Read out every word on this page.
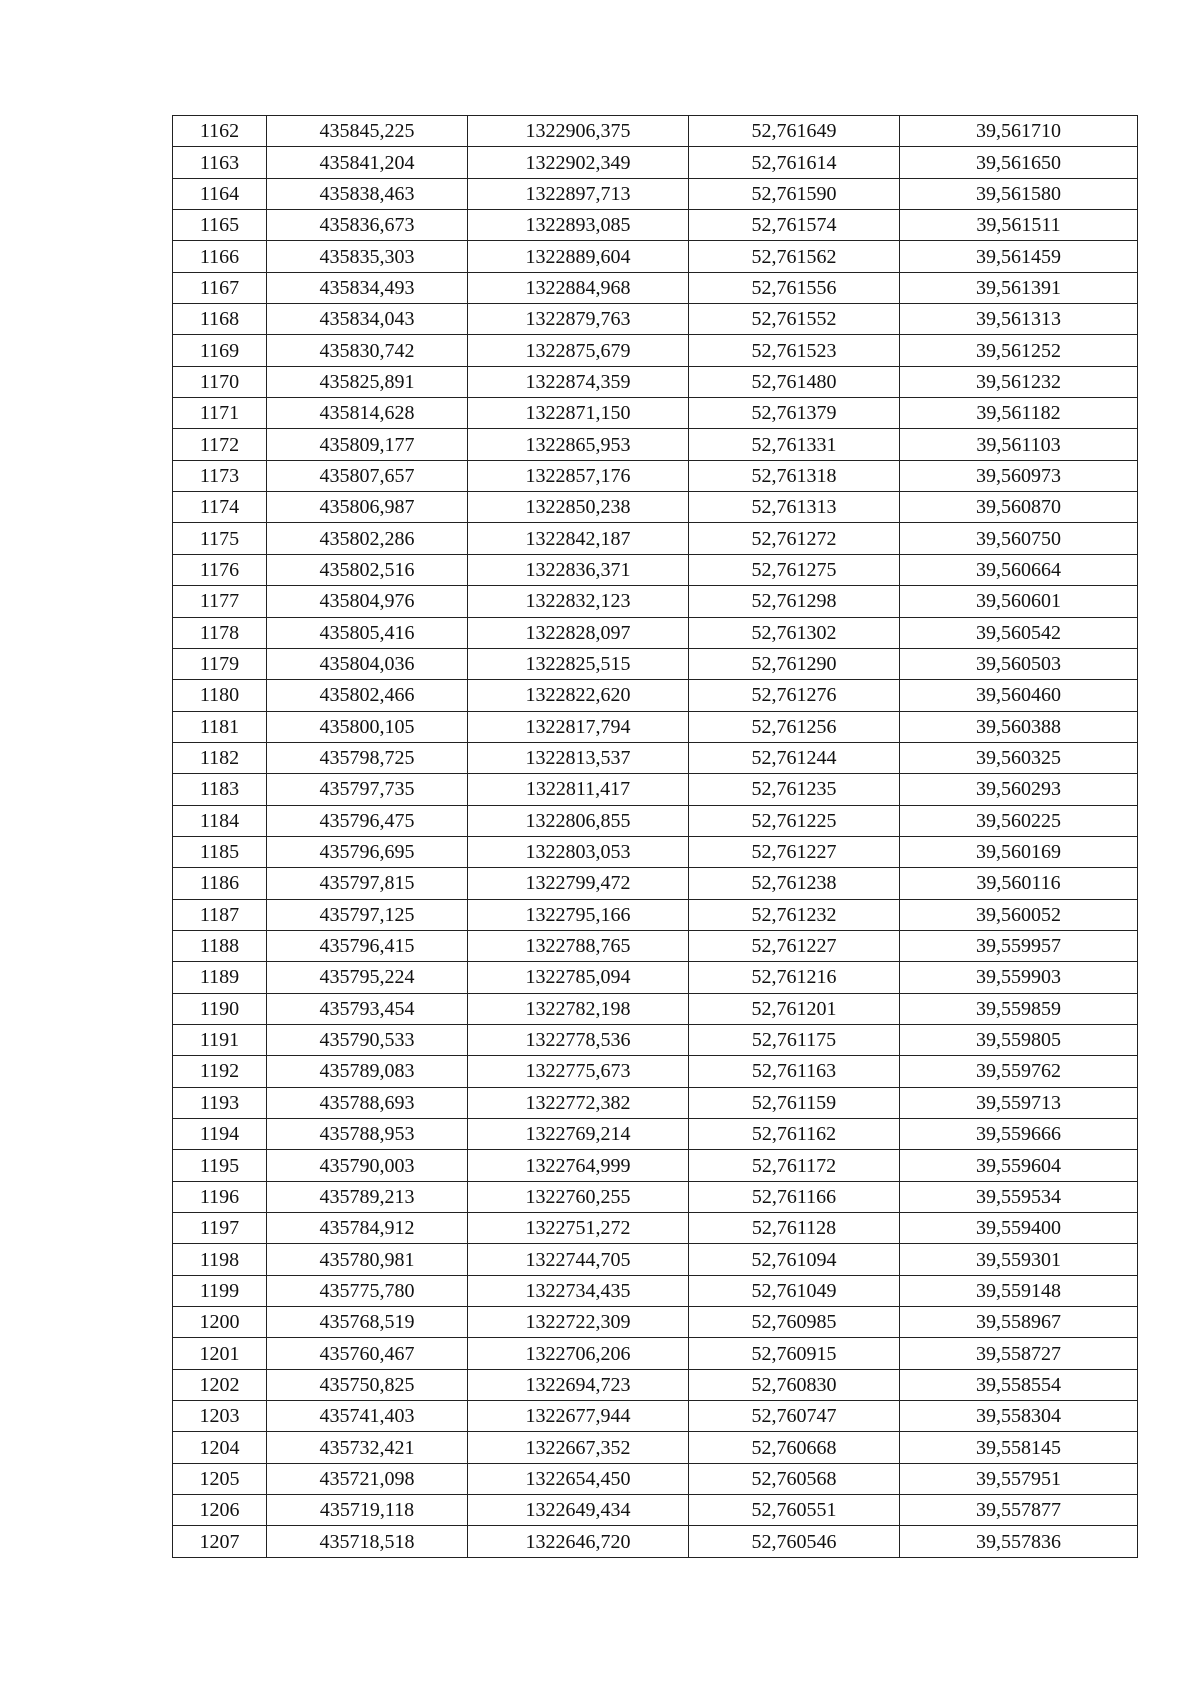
1162	435845,225	1322906,375	52,761649	39,561710
1163	435841,204	1322902,349	52,761614	39,561650
1164	435838,463	1322897,713	52,761590	39,561580
1165	435836,673	1322893,085	52,761574	39,561511
1166	435835,303	1322889,604	52,761562	39,561459
1167	435834,493	1322884,968	52,761556	39,561391
1168	435834,043	1322879,763	52,761552	39,561313
1169	435830,742	1322875,679	52,761523	39,561252
1170	435825,891	1322874,359	52,761480	39,561232
1171	435814,628	1322871,150	52,761379	39,561182
1172	435809,177	1322865,953	52,761331	39,561103
1173	435807,657	1322857,176	52,761318	39,560973
1174	435806,987	1322850,238	52,761313	39,560870
1175	435802,286	1322842,187	52,761272	39,560750
1176	435802,516	1322836,371	52,761275	39,560664
1177	435804,976	1322832,123	52,761298	39,560601
1178	435805,416	1322828,097	52,761302	39,560542
1179	435804,036	1322825,515	52,761290	39,560503
1180	435802,466	1322822,620	52,761276	39,560460
1181	435800,105	1322817,794	52,761256	39,560388
1182	435798,725	1322813,537	52,761244	39,560325
1183	435797,735	1322811,417	52,761235	39,560293
1184	435796,475	1322806,855	52,761225	39,560225
1185	435796,695	1322803,053	52,761227	39,560169
1186	435797,815	1322799,472	52,761238	39,560116
1187	435797,125	1322795,166	52,761232	39,560052
1188	435796,415	1322788,765	52,761227	39,559957
1189	435795,224	1322785,094	52,761216	39,559903
1190	435793,454	1322782,198	52,761201	39,559859
1191	435790,533	1322778,536	52,761175	39,559805
1192	435789,083	1322775,673	52,761163	39,559762
1193	435788,693	1322772,382	52,761159	39,559713
1194	435788,953	1322769,214	52,761162	39,559666
1195	435790,003	1322764,999	52,761172	39,559604
1196	435789,213	1322760,255	52,761166	39,559534
1197	435784,912	1322751,272	52,761128	39,559400
1198	435780,981	1322744,705	52,761094	39,559301
1199	435775,780	1322734,435	52,761049	39,559148
1200	435768,519	1322722,309	52,760985	39,558967
1201	435760,467	1322706,206	52,760915	39,558727
1202	435750,825	1322694,723	52,760830	39,558554
1203	435741,403	1322677,944	52,760747	39,558304
1204	435732,421	1322667,352	52,760668	39,558145
1205	435721,098	1322654,450	52,760568	39,557951
1206	435719,118	1322649,434	52,760551	39,557877
1207	435718,518	1322646,720	52,760546	39,557836
